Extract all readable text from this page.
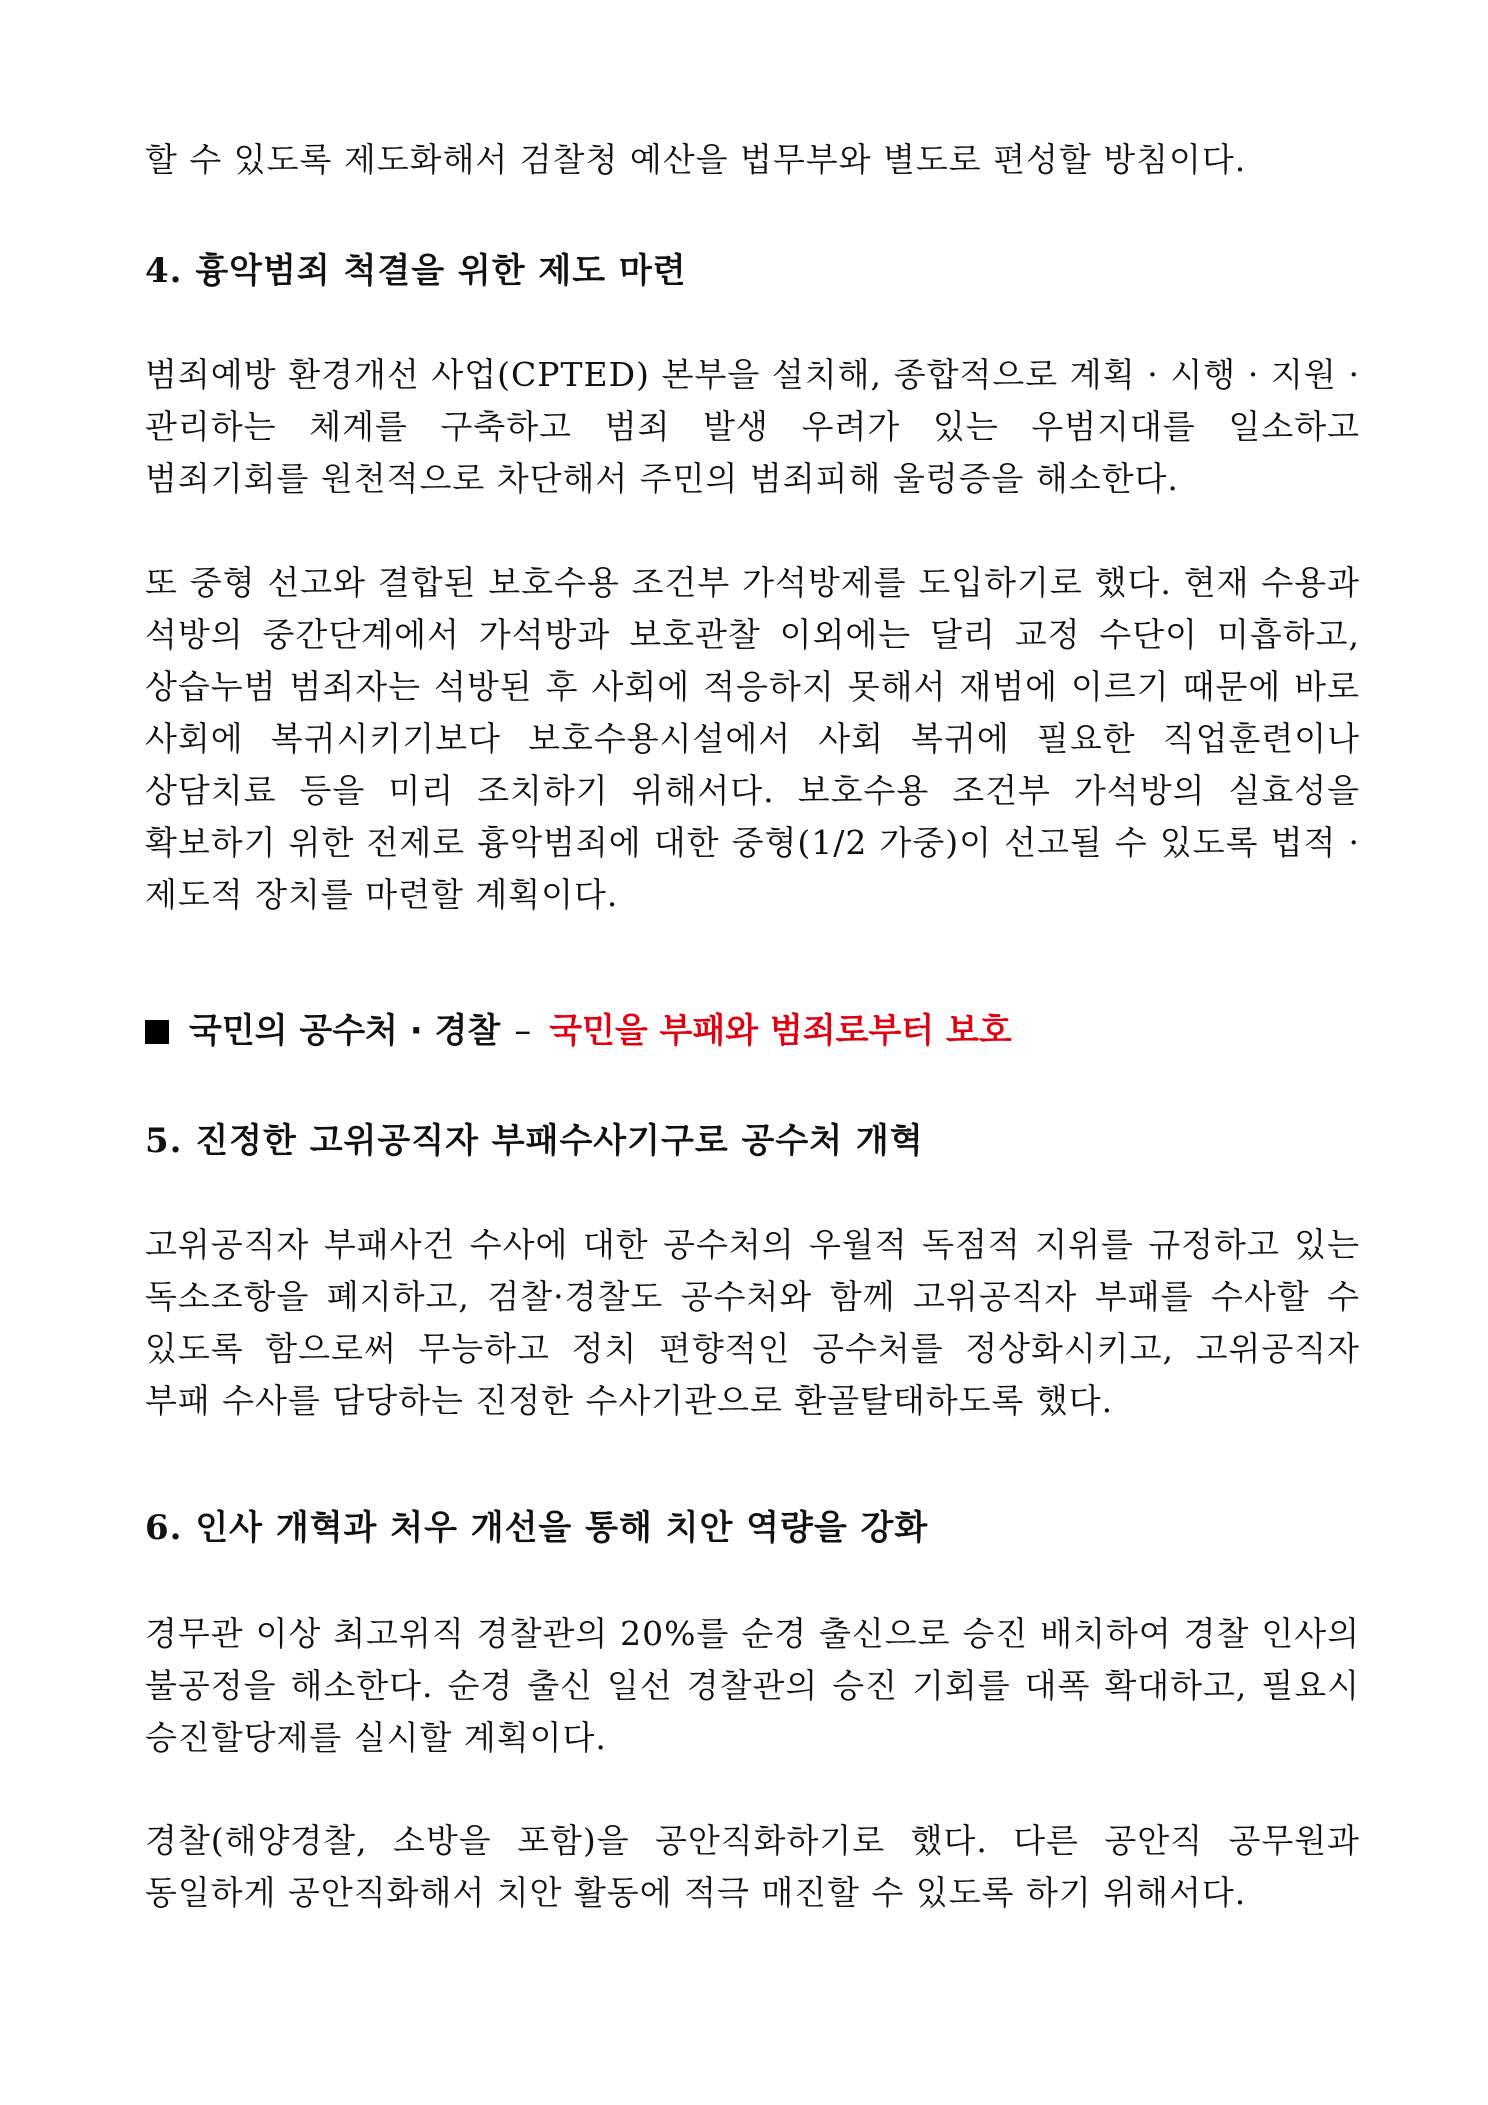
할 수 있도록 제도화해서 검찰청 예산을 법무부와 별도로 편성할 방침이다.
4. 흉악범죄 척결을 위한 제도 마련
범죄예방 환경개선 사업(CPTED) 본부을 설치해, 종합적으로 계획 · 시행 · 지원 · 관리하는 체계를 구축하고 범죄 발생 우려가 있는 우범지대를 일소하고 범죄기회를 원천적으로 차단해서 주민의 범죄피해 울렁증을 해소한다.
또 중형 선고와 결합된 보호수용 조건부 가석방제를 도입하기로 했다. 현재 수용과 석방의 중간단계에서 가석방과 보호관찰 이외에는 달리 교정 수단이 미흡하고, 상습누범 범죄자는 석방된 후 사회에 적응하지 못해서 재범에 이르기 때문에 바로 사회에 복귀시키기보다 보호수용시설에서 사회 복귀에 필요한 직업훈련이나 상담치료 등을 미리 조치하기 위해서다. 보호수용 조건부 가석방의 실효성을 확보하기 위한 전제로 흉악범죄에 대한 중형(1/2 가중)이 선고될 수 있도록 법적 · 제도적 장치를 마련할 계획이다.
국민의 공수처 · 경찰 – 국민을 부패와 범죄로부터 보호
5. 진정한 고위공직자 부패수사기구로 공수처 개혁
고위공직자 부패사건 수사에 대한 공수처의 우월적 독점적 지위를 규정하고 있는 독소조항을 폐지하고, 검찰·경찰도 공수처와 함께 고위공직자 부패를 수사할 수 있도록 함으로써 무능하고 정치 편향적인 공수처를 정상화시키고, 고위공직자 부패 수사를 담당하는 진정한 수사기관으로 환골탈태하도록 했다.
6. 인사 개혁과 처우 개선을 통해 치안 역량을 강화
경무관 이상 최고위직 경찰관의 20%를 순경 출신으로 승진 배치하여 경찰 인사의 불공정을 해소한다. 순경 출신 일선 경찰관의 승진 기회를 대폭 확대하고, 필요시 승진할당제를 실시할 계획이다.
경찰(해양경찰, 소방을 포함)을 공안직화하기로 했다. 다른 공안직 공무원과 동일하게 공안직화해서 치안 활동에 적극 매진할 수 있도록 하기 위해서다.
